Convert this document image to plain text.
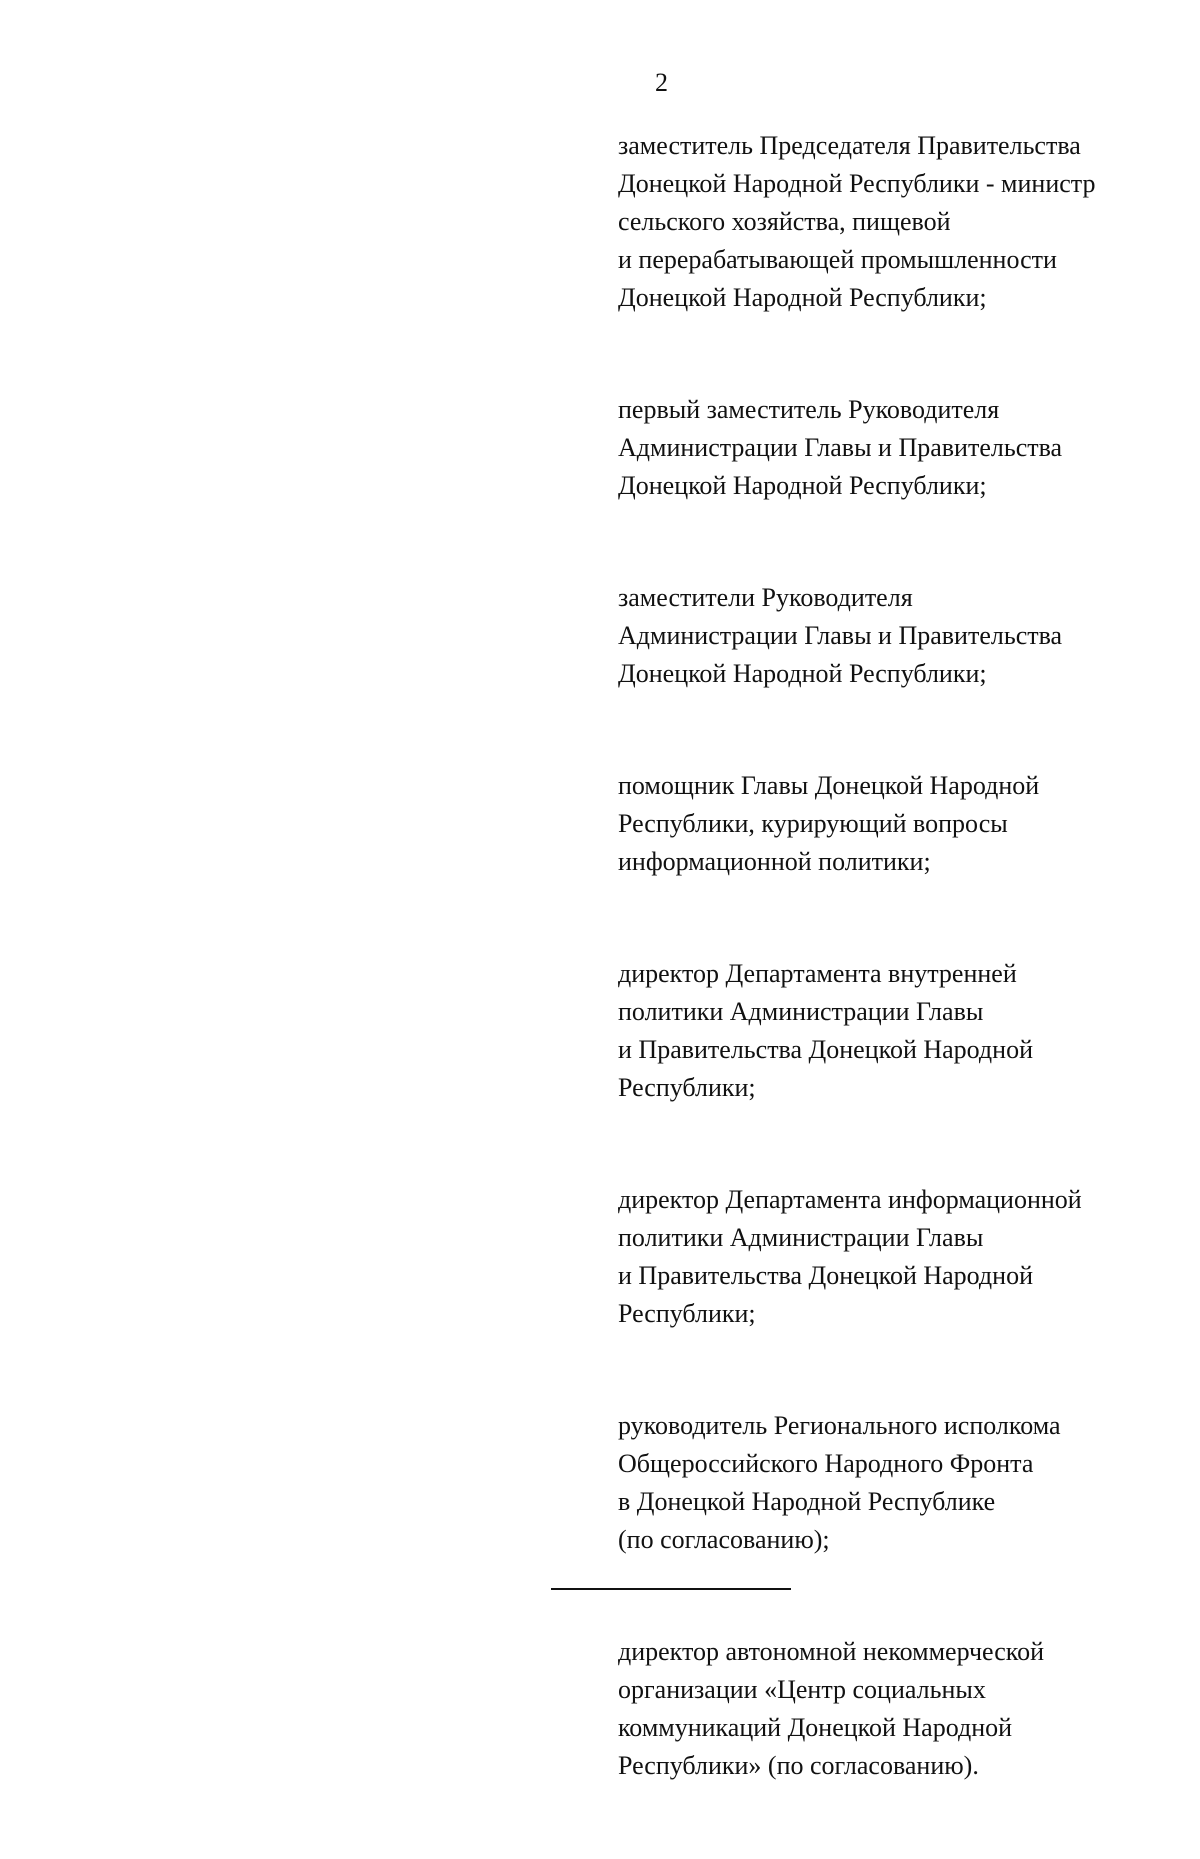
2
заместитель Председателя Правительства
Донецкой Народной Республики - министр
сельского хозяйства, пищевой
и перерабатывающей промышленности
Донецкой Народной Республики;
первый заместитель Руководителя
Администрации Главы и Правительства
Донецкой Народной Республики;
заместители Руководителя
Администрации Главы и Правительства
Донецкой Народной Республики;
помощник Главы Донецкой Народной
Республики, курирующий вопросы
информационной политики;
директор Департамента внутренней
политики Администрации Главы
и Правительства Донецкой Народной
Республики;
директор Департамента информационной
политики Администрации Главы
и Правительства Донецкой Народной
Республики;
руководитель Регионального исполкома
Общероссийского Народного Фронта
в Донецкой Народной Республике
(по согласованию);
директор автономной некоммерческой
организации «Центр социальных
коммуникаций Донецкой Народной
Республики» (по согласованию).
